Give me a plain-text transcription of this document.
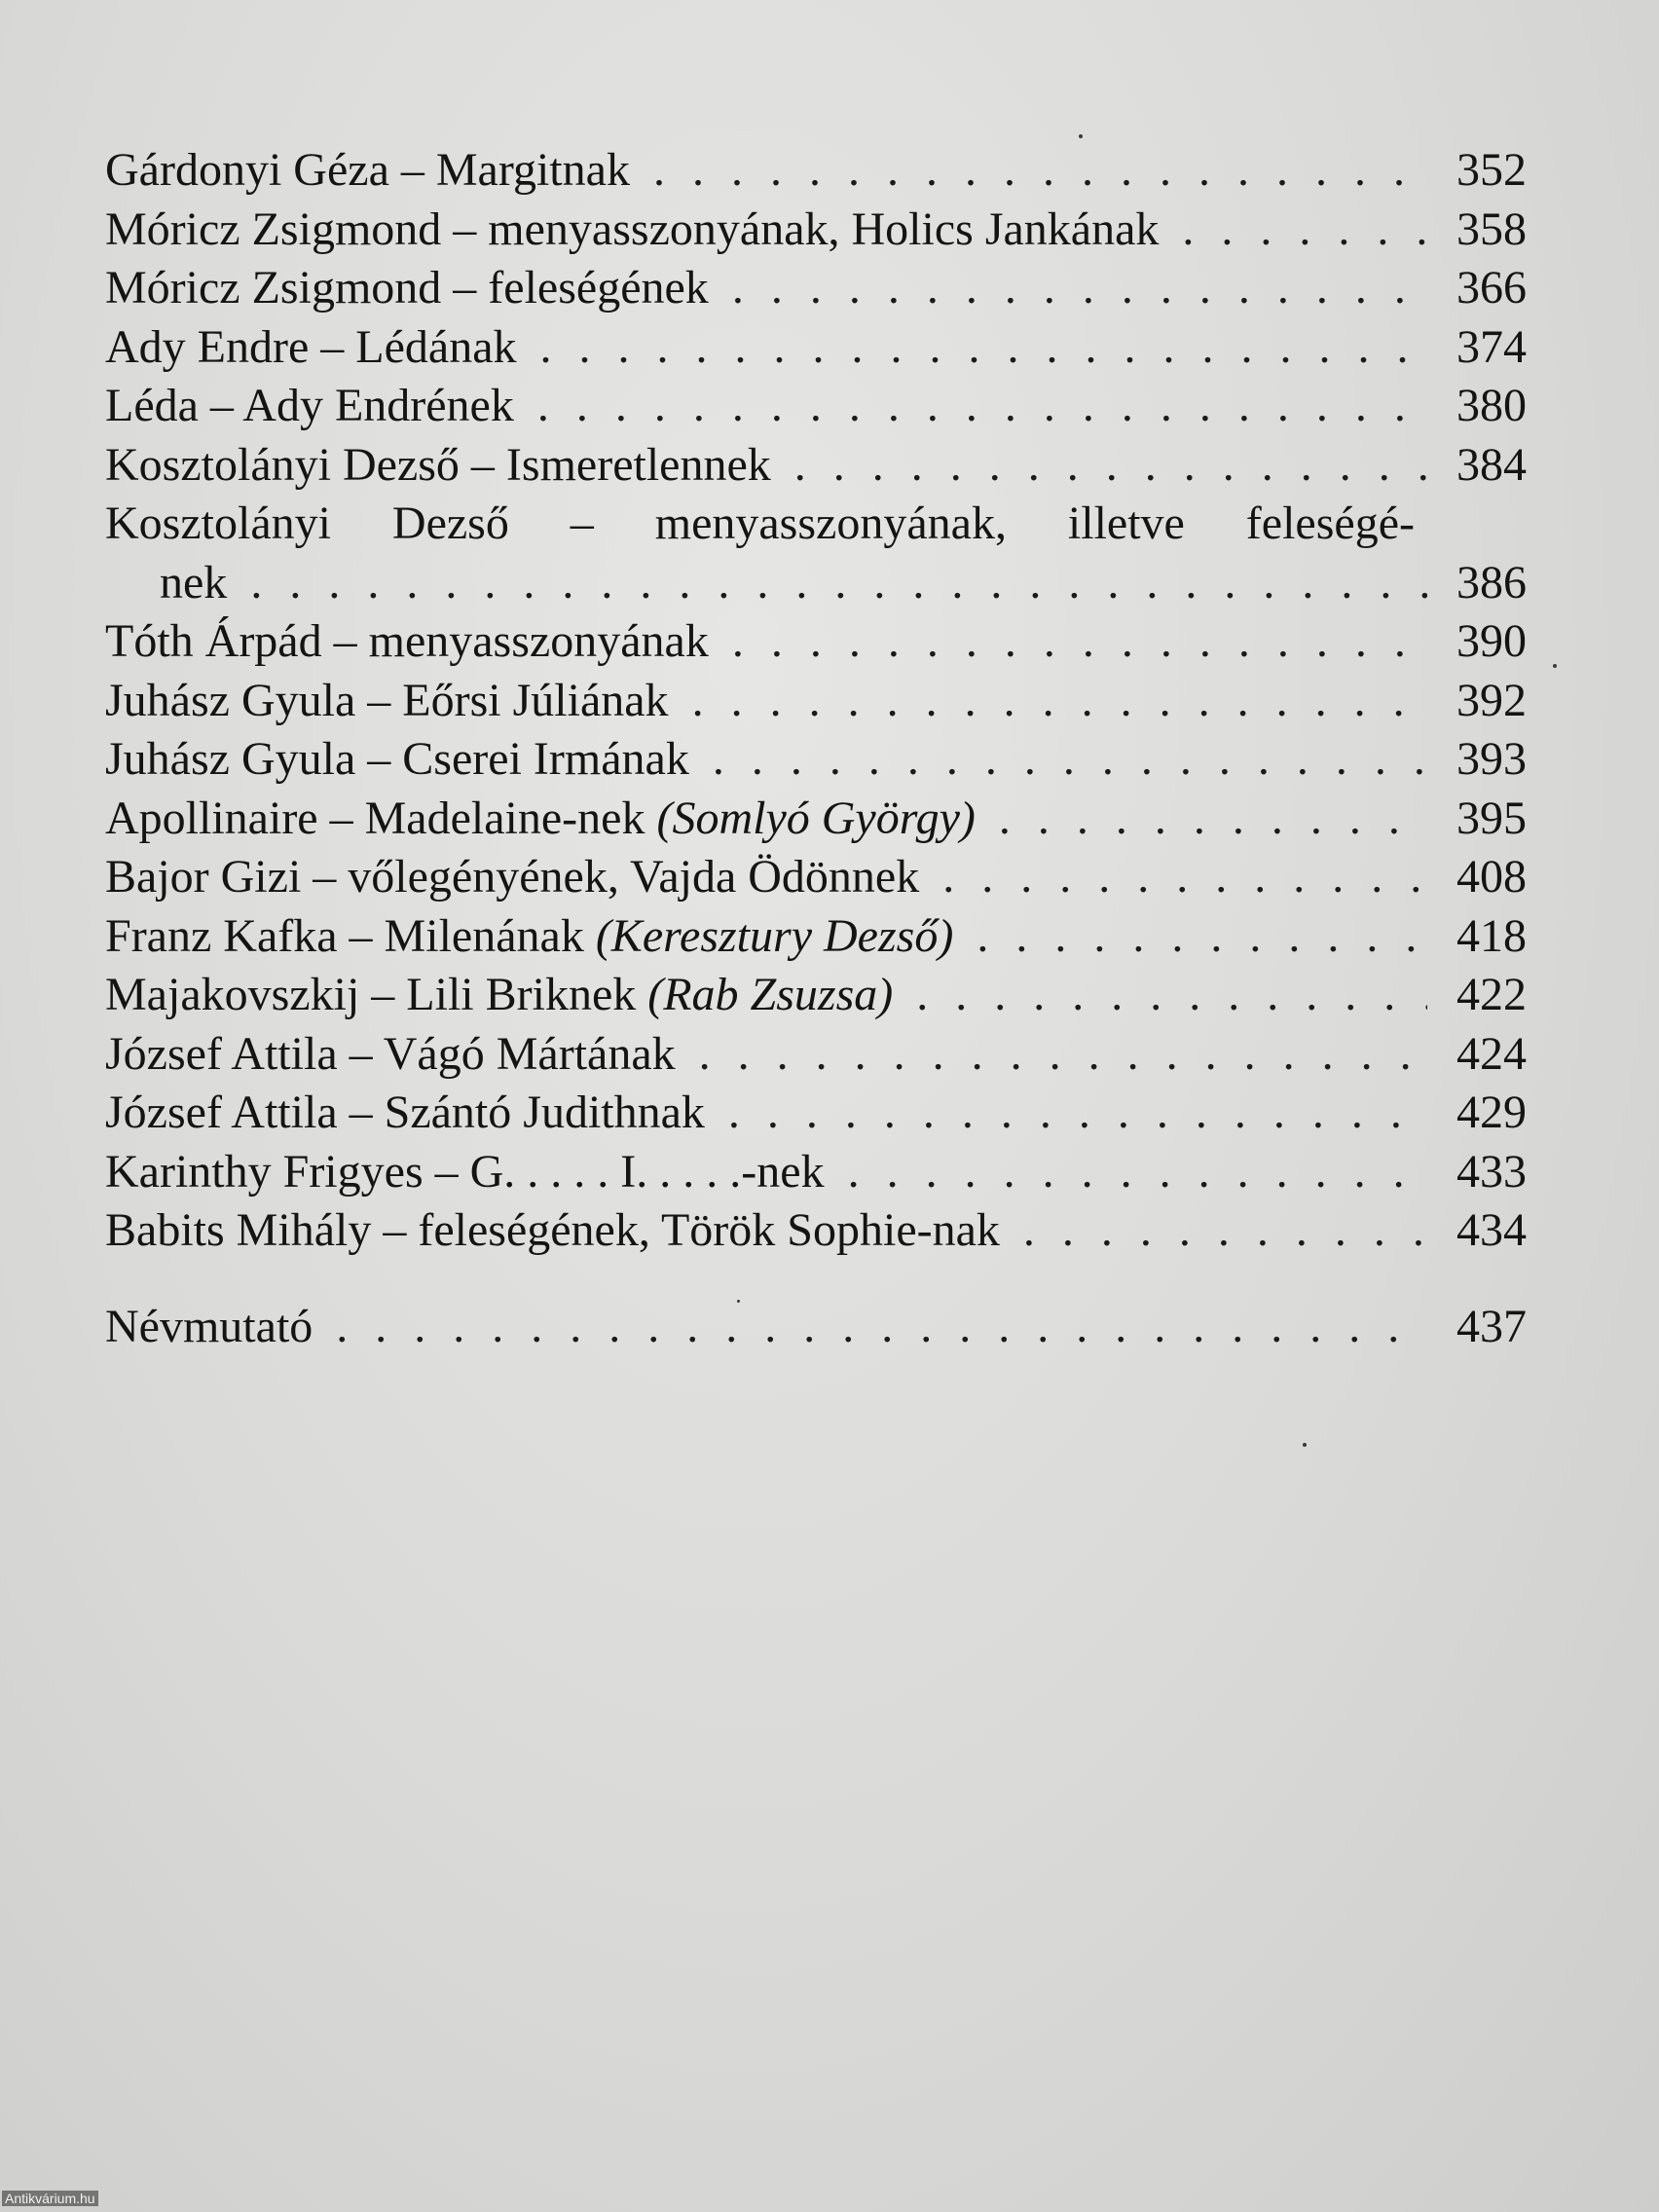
Gárdonyi Géza – Margitnak . . .	352
Móricz Zsigmond – menyasszonyának, Holics Jankának . . .	358
Móricz Zsigmond – feleségének . . .	366
Ady Endre – Lédának . . .	374
Léda – Ady Endrének . . .	380
Kosztolányi Dezső – Ismeretlennek . . .	384
Kosztolányi Dezső – menyasszonyának, illetve feleségé-
nek . . .	386
Tóth Árpád – menyasszonyának . . .	390
Juhász Gyula – Eőrsi Júliának . . .	392
Juhász Gyula – Cserei Irmának . . .	393
Apollinaire – Madelaine-nek (Somlyó György) . . .	395
Bajor Gizi – vőlegényének, Vajda Ödönnek . . .	408
Franz Kafka – Milenának (Keresztury Dezső) . . .	418
Majakovszkij – Lili Briknek (Rab Zsuzsa) . . .	422
József Attila – Vágó Mártának . . .	424
József Attila – Szántó Judithnak . . .	429
Karinthy Frigyes – G. . . . . I. . . . .-nek . . .	433
Babits Mihály – feleségének, Török Sophie-nak . . .	434
Névmutató . . .	437
Antikvárium.hu
